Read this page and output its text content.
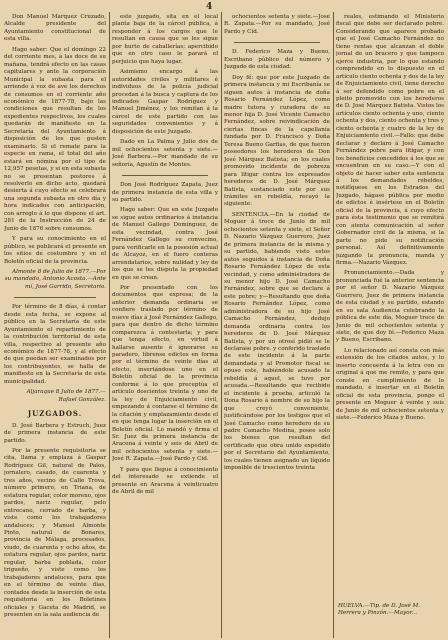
4

Don Manuel Márquez Cruzado, Alcalde presidente del Ayuntamiento constitucional de esta villa.

Hago saber: Que el domingo 22 del corriente mes, á las doce de su mañana, tendrá efecto en las casas capitulares y ante la corporación Municipal la subasta para el arriendo á voz de ave los derechos de consumos en el corriente año económico de 1877-78, bajo las condiciones que resultan de los expedientes respectivos, los cuales quedarán de manifiesto en la Secretaría del Ayuntamiento á disposición de los que gusten examinarlo. Si el remate para la especie en rama, el total del año estará en nómina por el tipo de 12,957 pesetas, y si en esta subasta no se presentan postores á resolverlo en dicho acto, quedará desierta á cuyo efecto se celebrará una segunda subasta en otro día y hora indicados con anticipación, con arreglo á lo que dispone el art. 281 de la Instrucción de 24 de Junio de 1876 sobre consumos.

Y para su conocimiento en el público, se publicará el presente en los sitios de costumbre y en el Boletín oficial de la provincia.

Almonte 8 de Julio de 1877.—Por su mandado, Antonio Acosta.—Ante mí, José Garrido, Secretario.

Por término de 8 días, á contar desde esta fecha, se expone al público en la Secretaría de este Ayuntamiento el repartimiento de la contribución territorial de esta villa, respectivo al presente año económico de 1877-78, y al efecto de que puedan ser examinados por los contribuyentes, se halla de manifiesto en la Secretaría de esta municipalidad.

Aljaraque 8 Julio de 1877.—Rafael González.

JUZGADOS.

D. José Barbera y Estruch, Juez de primera instancia de este partido.

Por la presente requisitoria se cita, llama y emplaza á Gaspar Rodríguez Gil, natural de Palos, jornalero, casado, de cuarenta y tres años, vecino de Calle Trova, número primero, en Triana, de estatura regular, color moreno, ojos pardos, nariz regular, pelo entrecano, cerrado de barba, y viste como los trabajadores andaluces; y Manuel Almonte Pinto, natural de Bonares, provincia de Málaga, procesados, viudo, de cuarenta y ocho años, de estatura regular, ojos pardos, nariz regular, barba poblada, color trigueño, y viste como los trabajadores andaluces, para que en el término de veinte días, contados desde la inserción de esta requisitoria en los Boletines oficiales y Gaceta de Madrid, se presenten en la sala audiencia de

este juzgado, sita en el local planta baja de la cárcel pública, á responder á los cargos que le resultan en causa que se les sigue por hurto de caballerías; apercibido que en otro caso le parará el perjuicio que haya lugar.

Asimismo encargo á las autoridades civiles y militares é individuos de la policía judicial procedan á la busca y captura de los indicados Gaspar Rodríguez y Manuel Jiménez, y los remitan á la cárcel de este partido con las seguridades convenientes y á disposición de este Juzgado.

Dado en La Palma y Julio dos de mil ochocientos setenta y siete.—José Barbera.—Por mandado de su señoría, Agustín de Montes.

Don José Rodríguez Zapata, Juez de primera instancia de esta villa y su partido.

Hago saber: Que en este Juzgado se sigue autos ordinarios á instancia de Manuel Gallego Domínguez, de esta vecindad, contra José Fernández Gallego su convecino, para verificarle en la posesión actual de Alcayoz, en el fuero conteras arrendatarios, sobre nulidad y ley de los que se les disputa la propiedad en que se crean.

Por presentado con los documentos que expresa; de la anterior demanda ordinaria se confiere traslado por término de nueve días á José Fernández Gallego, para que dentro de dicho término comparezca á contestarla; y para que tenga efecto, en virtud á hallarse ausente é ignorarse su paradero, líbrense edictos en forma por el término de veinte días al efecto, insertándose uno en el Boletín oficial de la provincia conforme á lo que preceptúa el artículo doscientos treinta y uno de la ley de Enjuiciamiento civil, empezando á contarse el término de la citación y emplazamiento desde el en que tenga lugar la inserción en el Boletín oficial. Lo mandó y firma el Sr. Juez de primera instancia de Aracena á veinte y seis de Abril de mil ochocientos setenta y siete.—José R. Zapata.—José Pardo y Cid.

Y para que llegue á conocimiento del interesado se extiende el presente en Aracena á veinticuatro de Abril de mil

ochocientos setenta y siete.—José R. Zapata.—Por su mandado, José Pardo y Cid.

D. Federico Maza y Bueno, Escribano público del número y Juzgado de esta ciudad.

Doy fé: que por este Juzgado de primera instancia y mi Escribanía se siguen autos á instancia de doña Rosario Fernández López, como madre tutora y curadora de su menor hija D. José Vicente Camacho Fernández, sobre reivindicación de ciertas fincas de la capellanía fundada por D. Francisco y Doña Teresa Bueno Garfias, de que fueron poseedores los herederos de Don José Márquez Batista; en los cuales promovido incidente de pobreza para litigar contra los expresados herederos de D. José Márquez Batista, sustanciado este por sus trámites en rebeldía, recayó la siguiente:

SENTENCIA.—En la ciudad de Moguer á trece de Junio de mil ochocientos setenta y siete, el Señor D. Nazario Vázquez Guerrero, Juez de primera instancia de la misma y su partido, habiendo visto estos autos seguidos á instancia de Doña Rosario Fernández López de esta vecindad, y como administradora de su menor hijo D. José Camacho Fernández, sobre que se declare á este pobre; y—Resultando que doña Rosario Fernández López, como administradora de su hijo José Camacho Fernández, dedujo demanda ordinaria contra los herederos de D. José Márquez Batista, y por un otrosí pidió se le declarase pobre. y conferido traslado de este incidente á la parte demandada y al Promotor fiscal se opuso este, habiéndole acusado la rebeldía á aquel, se tuvo por acusada.—Resultando que recibido el incidente á prueba, articuló la Dona Rosario á nombre de su hijo la que creyó conveniente, justificándose por los testigos que el José Camacho como heredero de su padre Camacho Medina, posee solo los bienes que resultan del certificado que obra unido expedido por el Secretario del Ayuntamiento, los cuales tienen asignado un líquido imponible de trescientos treinta

reales, estimando el Ministerio fiscal que debe ser declarado pobre. Considerando que aparece probado que el José Camacho Fernández no tiene rentas que alcanzan el doble jornal de un bracero y que tampoco ejerce industria, por lo que estando comprendido en lo dispuesto en el artículo ciento ochenta y dos de la ley de Enjuiciamiento civil, tiene derecho á ser defendido como pobre en el pleito promovido con los herederos de D. José Márquez Batista. Vistos los artículos ciento ochenta y uno, ciento ochenta y dos, ciento ochenta y tres y ciento ochenta y cuatro de la ley de Enjuiciamiento civil.—Fallo: que debe declarar y declaro á José Camacho Fernández pobre para litigar, y con los beneficios concedidos á los que se encuentran en su caso.—Y con el objeto de hacer saber esta sentencia á los demandados rebeldes, notifíquese en los Estrados del Juzgado, hágase pública por medio de edictos é insértese en el Boletín oficial de la provincia, á cuyo efecto para ésta testimonio que se remitirá con atenta comunicación al señor Gobernador civil de la misma, si la parte no pide su notificación personal. Así definitivamente juzgando la pronuncia, manda y firma.—Nazario Vázquez.

Pronunciamiento.—Dada y pronunciada fué la anterior sentencia por el señor D. Nazario Vázquez Guerrero, Juez de primera instancia de esta ciudad y su partido, estando en su sala Audiencia celebrando la pública de este día, Moguer trece de Junio de mil ochocientos setenta y siete, de que doy fé.—Federico Maza y Bueno, Escribano.

Lo relacionado así consta con más extensión de los citados autos, y lo inserto concuerda á la letra con su original á que me remito, y para que conste en cumplimiento de lo mandado, é insertar en el Boletín oficial de esta provincia, pongo el presente en Moguer á veinte y seis de Junio de mil ochocientos setenta y siete.—Federico Maza y Bueno.

HUELVA.—Tip. de D. José M. Herrera y Pinzón.—Mayor...
